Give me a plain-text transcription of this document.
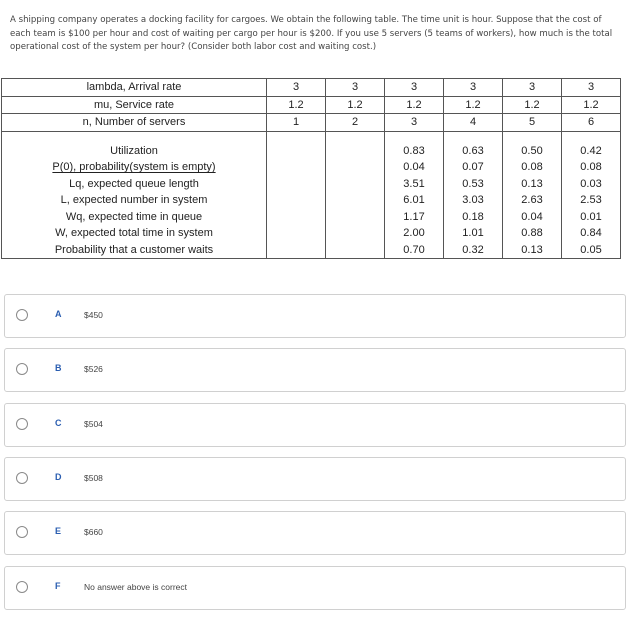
A shipping company operates a docking facility for cargoes. We obtain the following table. The time unit is hour. Suppose that the cost of each team is $100 per hour and cost of waiting per cargo per hour is $200. If you use 5 servers (5 teams of workers), how much is the total operational cost of the system per hour? (Consider both labor cost and waiting cost.)
lambda, Arrival rate	3	3	3	3	3	3
mu, Service rate	1.2	1.2	1.2	1.2	1.2	1.2
n, Number of servers	1	2	3	4	5	6

Utilization			0.83	0.63	0.50	0.42
P(0), probability(system is empty)			0.04	0.07	0.08	0.08
Lq, expected queue length			3.51	0.53	0.13	0.03
L, expected number in system			6.01	3.03	2.63	2.53
Wq, expected time in queue			1.17	0.18	0.04	0.01
W, expected total time in system			2.00	1.01	0.88	0.84
Probability that a customer waits			0.70	0.32	0.13	0.05
A	$450
B	$526
C	$504
D	$508
E	$660
F	No answer above is correct
